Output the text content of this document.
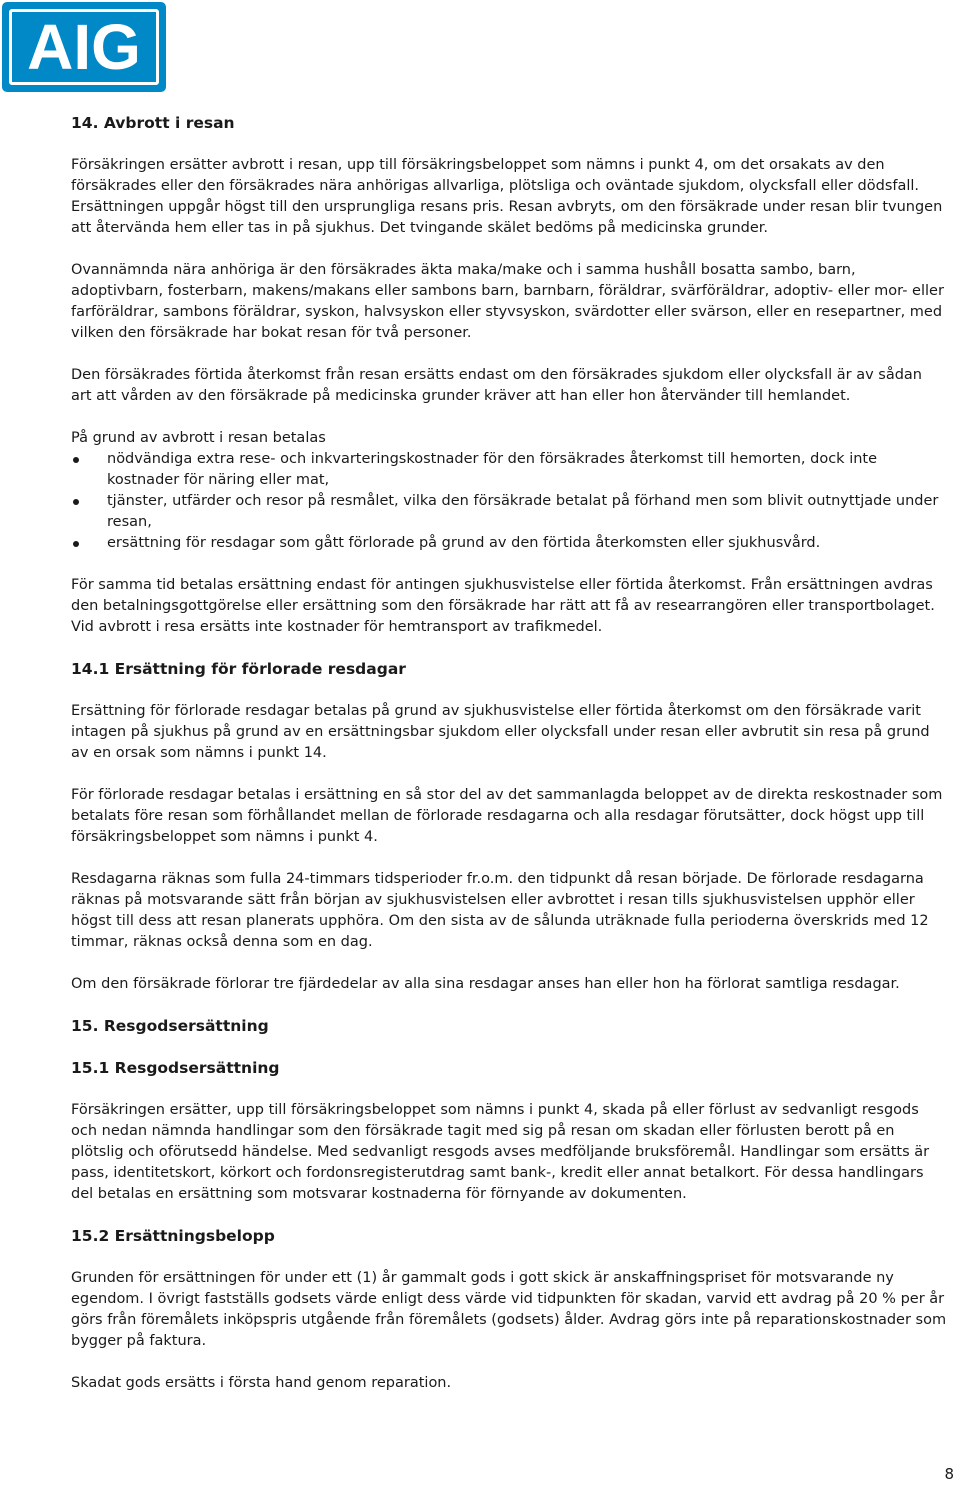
AIG
14. Avbrott i resan

Försäkringen ersätter avbrott i resan, upp till försäkringsbeloppet som nämns i punkt 4, om det orsakats av den försäkrades eller den försäkrades nära anhörigas allvarliga, plötsliga och oväntade sjukdom, olycksfall eller dödsfall.

Ersättningen uppgår högst till den ursprungliga resans pris. Resan avbryts, om den försäkrade under resan blir tvungen att återvända hem eller tas in på sjukhus. Det tvingande skälet bedöms på medicinska grunder.

Ovannämnda nära anhöriga är den försäkrades äkta maka/make och i samma hushåll bosatta sambo, barn, adoptivbarn, fosterbarn, makens/makans eller sambons barn, barnbarn, föräldrar, svärföräldrar, adoptiv- eller mor- eller farföräldrar, sambons föräldrar, syskon, halvsyskon eller styvsyskon, svärdotter eller svärson, eller en resepartner, med vilken den försäkrade har bokat resan för två personer.

Den försäkrades förtida återkomst från resan ersätts endast om den försäkrades sjukdom eller olycksfall är av sådan art att vården av den försäkrade på medicinska grunder kräver att han eller hon återvänder till hemlandet.

På grund av avbrott i resan betalas

nödvändiga extra rese- och inkvarteringskostnader för den försäkrades återkomst till hemorten, dock inte kostnader för näring eller mat,
tjänster, utfärder och resor på resmålet, vilka den försäkrade betalat på förhand men som blivit outnyttjade under resan,
ersättning för resdagar som gått förlorade på grund av den förtida återkomsten eller sjukhusvård.

För samma tid betalas ersättning endast för antingen sjukhusvistelse eller förtida återkomst. Från ersättningen avdras den betalningsgottgörelse eller ersättning som den försäkrade har rätt att få av researrangören eller transportbolaget. Vid avbrott i resa ersätts inte kostnader för hemtransport av trafikmedel.

14.1 Ersättning för förlorade resdagar

Ersättning för förlorade resdagar betalas på grund av sjukhusvistelse eller förtida återkomst om den försäkrade varit intagen på sjukhus på grund av en ersättningsbar sjukdom eller olycksfall under resan eller avbrutit sin resa på grund av en orsak som nämns i punkt 14.

För förlorade resdagar betalas i ersättning en så stor del av det sammanlagda beloppet av de direkta reskostnader som betalats före resan som förhållandet mellan de förlorade resdagarna och alla resdagar förutsätter, dock högst upp till försäkringsbeloppet som nämns i punkt 4.

Resdagarna räknas som fulla 24-timmars tidsperioder fr.o.m. den tidpunkt då resan började. De förlorade resdagarna räknas på motsvarande sätt från början av sjukhusvistelsen eller avbrottet i resan tills sjukhusvistelsen upphör eller högst till dess att resan planerats upphöra. Om den sista av de sålunda uträknade fulla perioderna överskrids med 12 timmar, räknas också denna som en dag.

Om den försäkrade förlorar tre fjärdedelar av alla sina resdagar anses han eller hon ha förlorat samtliga resdagar.

15. Resgodsersättning
15.1 Resgodsersättning

Försäkringen ersätter, upp till försäkringsbeloppet som nämns i punkt 4, skada på eller förlust av sedvanligt resgods och nedan nämnda handlingar som den försäkrade tagit med sig på resan om skadan eller förlusten berott på en plötslig och oförutsedd händelse. Med sedvanligt resgods avses medföljande bruksföremål. Handlingar som ersätts är pass, identitetskort, körkort och fordonsregisterutdrag samt bank-, kredit eller annat betalkort. För dessa handlingars del betalas en ersättning som motsvarar kostnaderna för förnyande av dokumenten.

15.2 Ersättningsbelopp

Grunden för ersättningen för under ett (1) år gammalt gods i gott skick är anskaffningspriset för motsvarande ny egendom. I övrigt fastställs godsets värde enligt dess värde vid tidpunkten för skadan, varvid ett avdrag på 20 % per år görs från föremålets inköpspris utgående från föremålets (godsets) ålder. Avdrag görs inte på reparationskostnader som bygger på faktura.

Skadat gods ersätts i första hand genom reparation.

8
